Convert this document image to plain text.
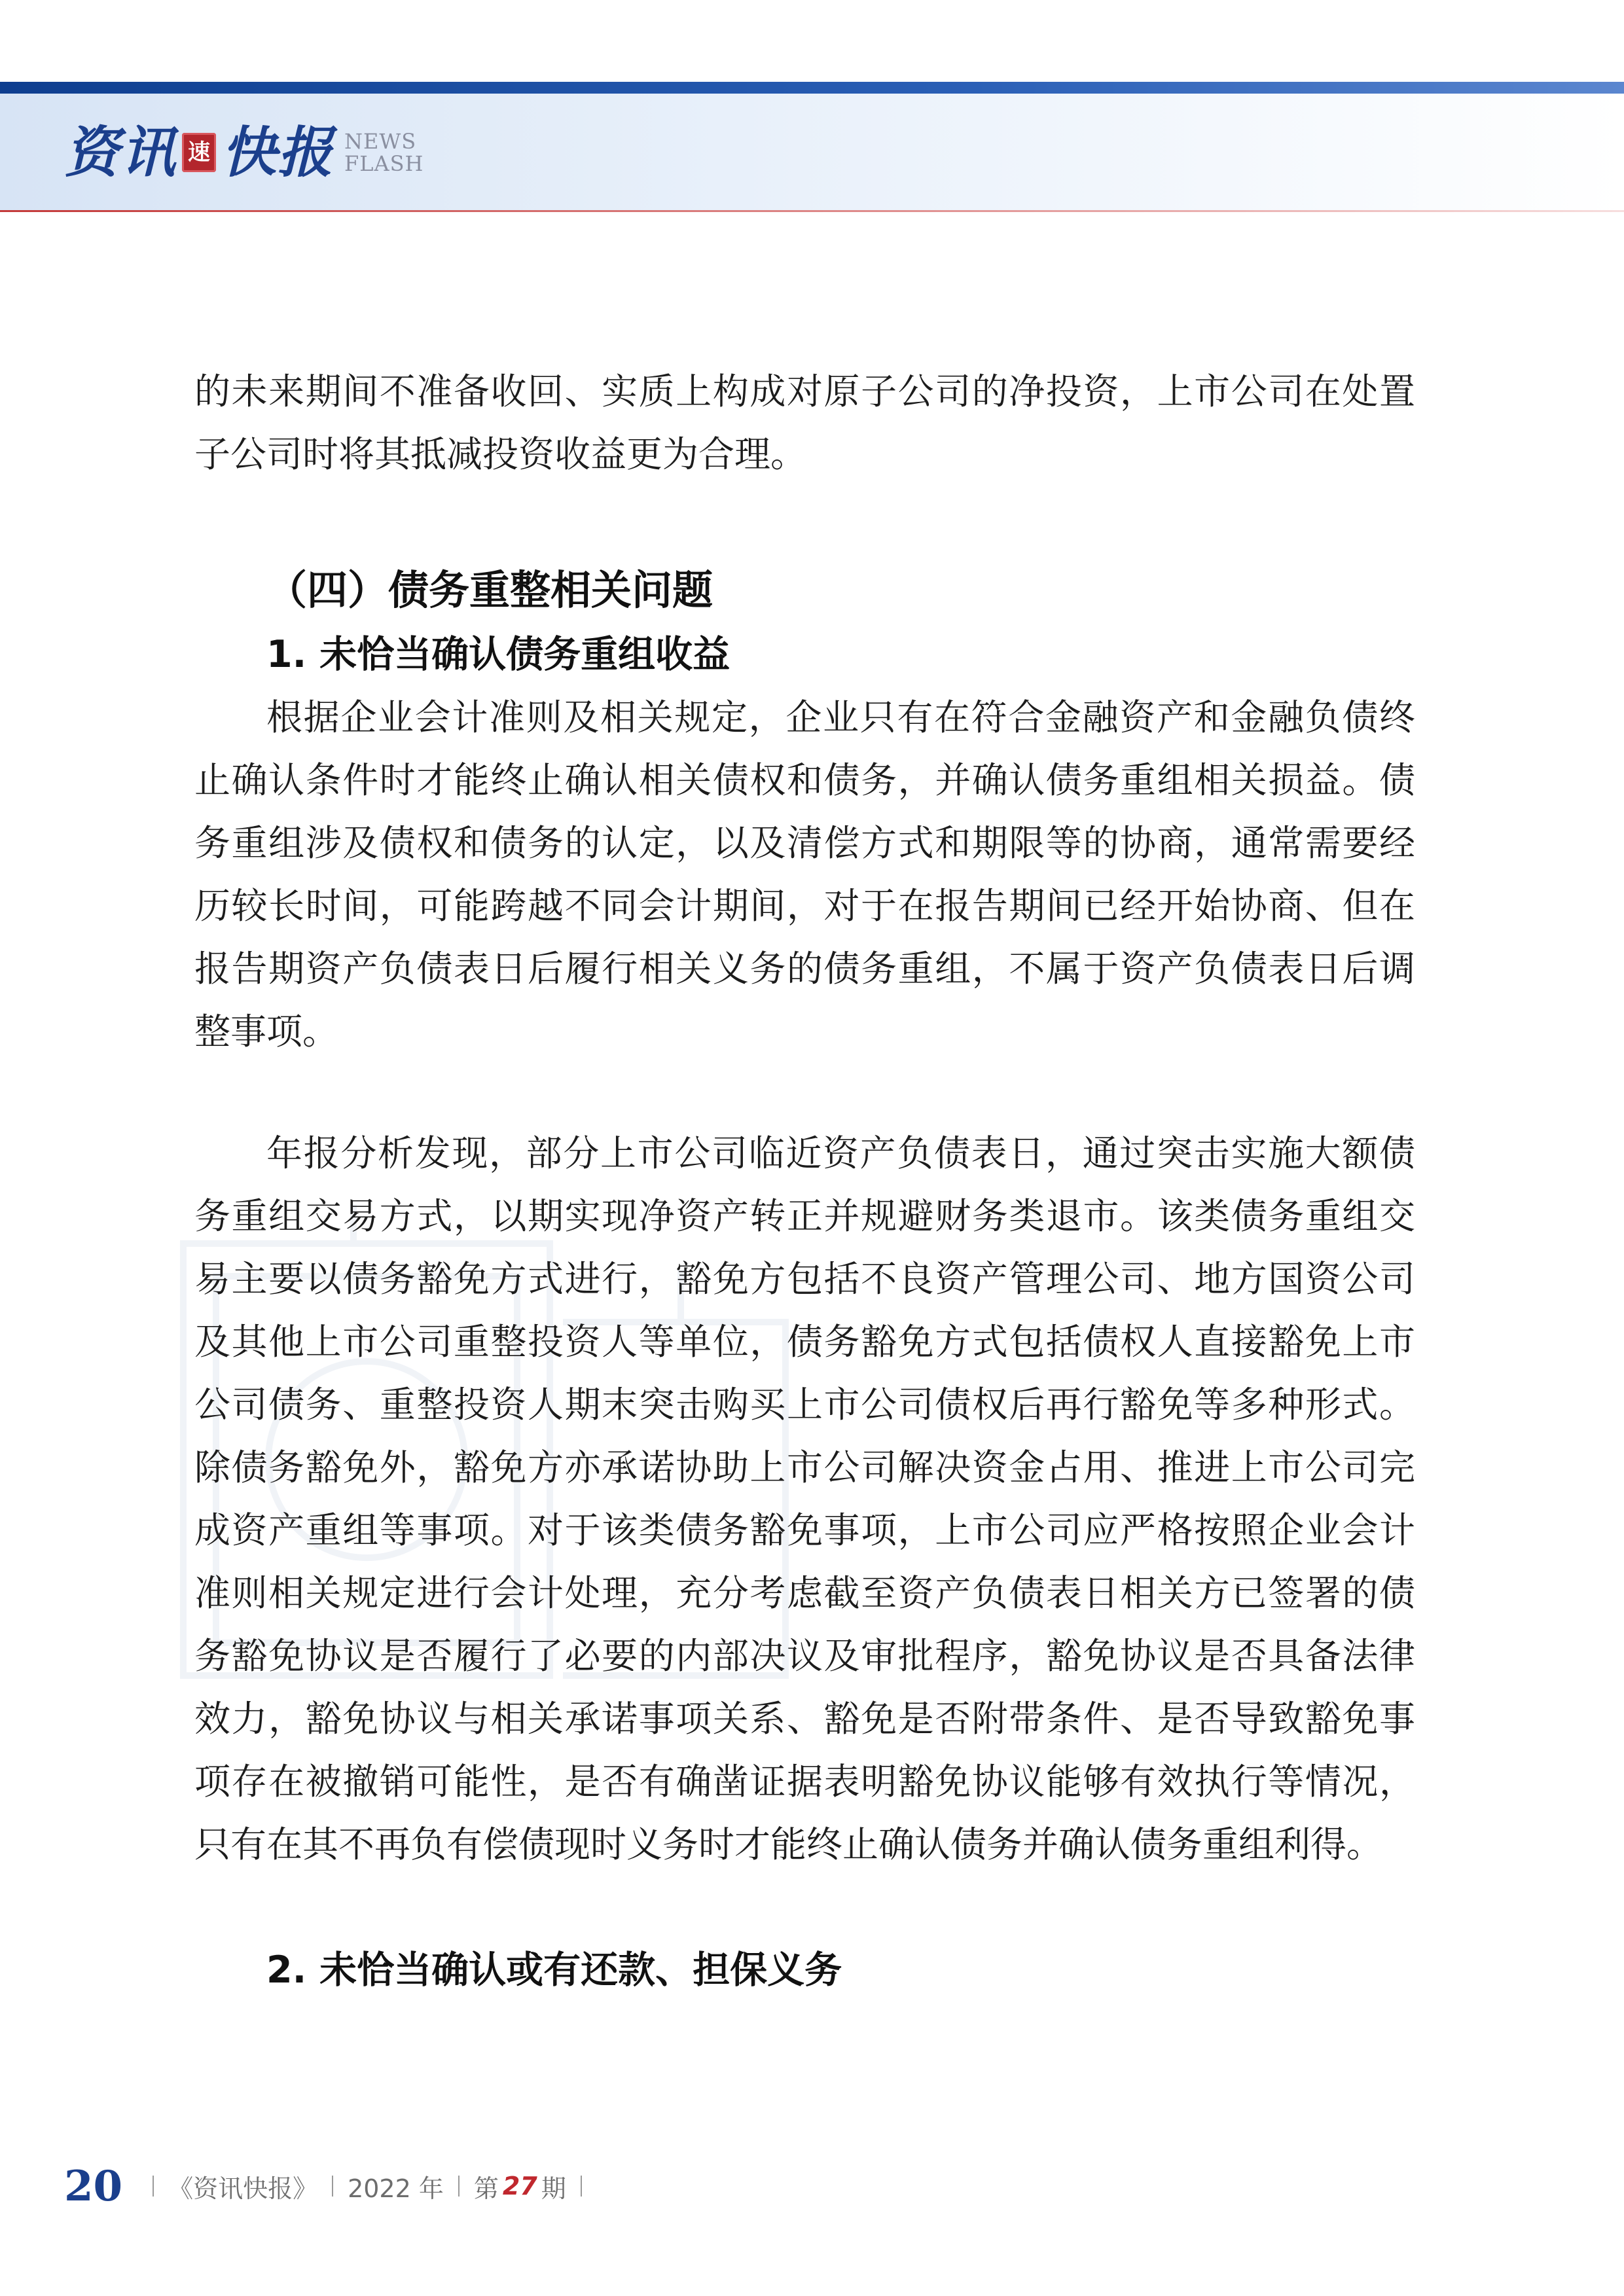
资讯 速 快报 NEWS
FLASH

的未来期间不准备收回、实质上构成对原子公司的净投资，上市公司在处置子公司时将其抵减投资收益更为合理。

（四）债务重整相关问题

1. 未恰当确认债务重组收益

根据企业会计准则及相关规定，企业只有在符合金融资产和金融负债终止确认条件时才能终止确认相关债权和债务，并确认债务重组相关损益。债务重组涉及债权和债务的认定，以及清偿方式和期限等的协商，通常需要经历较长时间，可能跨越不同会计期间，对于在报告期间已经开始协商、但在报告期资产负债表日后履行相关义务的债务重组，不属于资产负债表日后调整事项。

年报分析发现，部分上市公司临近资产负债表日，通过突击实施大额债务重组交易方式，以期实现净资产转正并规避财务类退市。该类债务重组交易主要以债务豁免方式进行，豁免方包括不良资产管理公司、地方国资公司及其他上市公司重整投资人等单位，债务豁免方式包括债权人直接豁免上市公司债务、重整投资人期末突击购买上市公司债权后再行豁免等多种形式。除债务豁免外，豁免方亦承诺协助上市公司解决资金占用、推进上市公司完成资产重组等事项。对于该类债务豁免事项，上市公司应严格按照企业会计准则相关规定进行会计处理，充分考虑截至资产负债表日相关方已签署的债务豁免协议是否履行了必要的内部决议及审批程序，豁免协议是否具备法律效力，豁免协议与相关承诺事项关系、豁免是否附带条件、是否导致豁免事项存在被撤销可能性，是否有确凿证据表明豁免协议能够有效执行等情况，只有在其不再负有偿债现时义务时才能终止确认债务并确认债务重组利得。

2. 未恰当确认或有还款、担保义务

20 《资讯快报》 2022 年 第 27 期
